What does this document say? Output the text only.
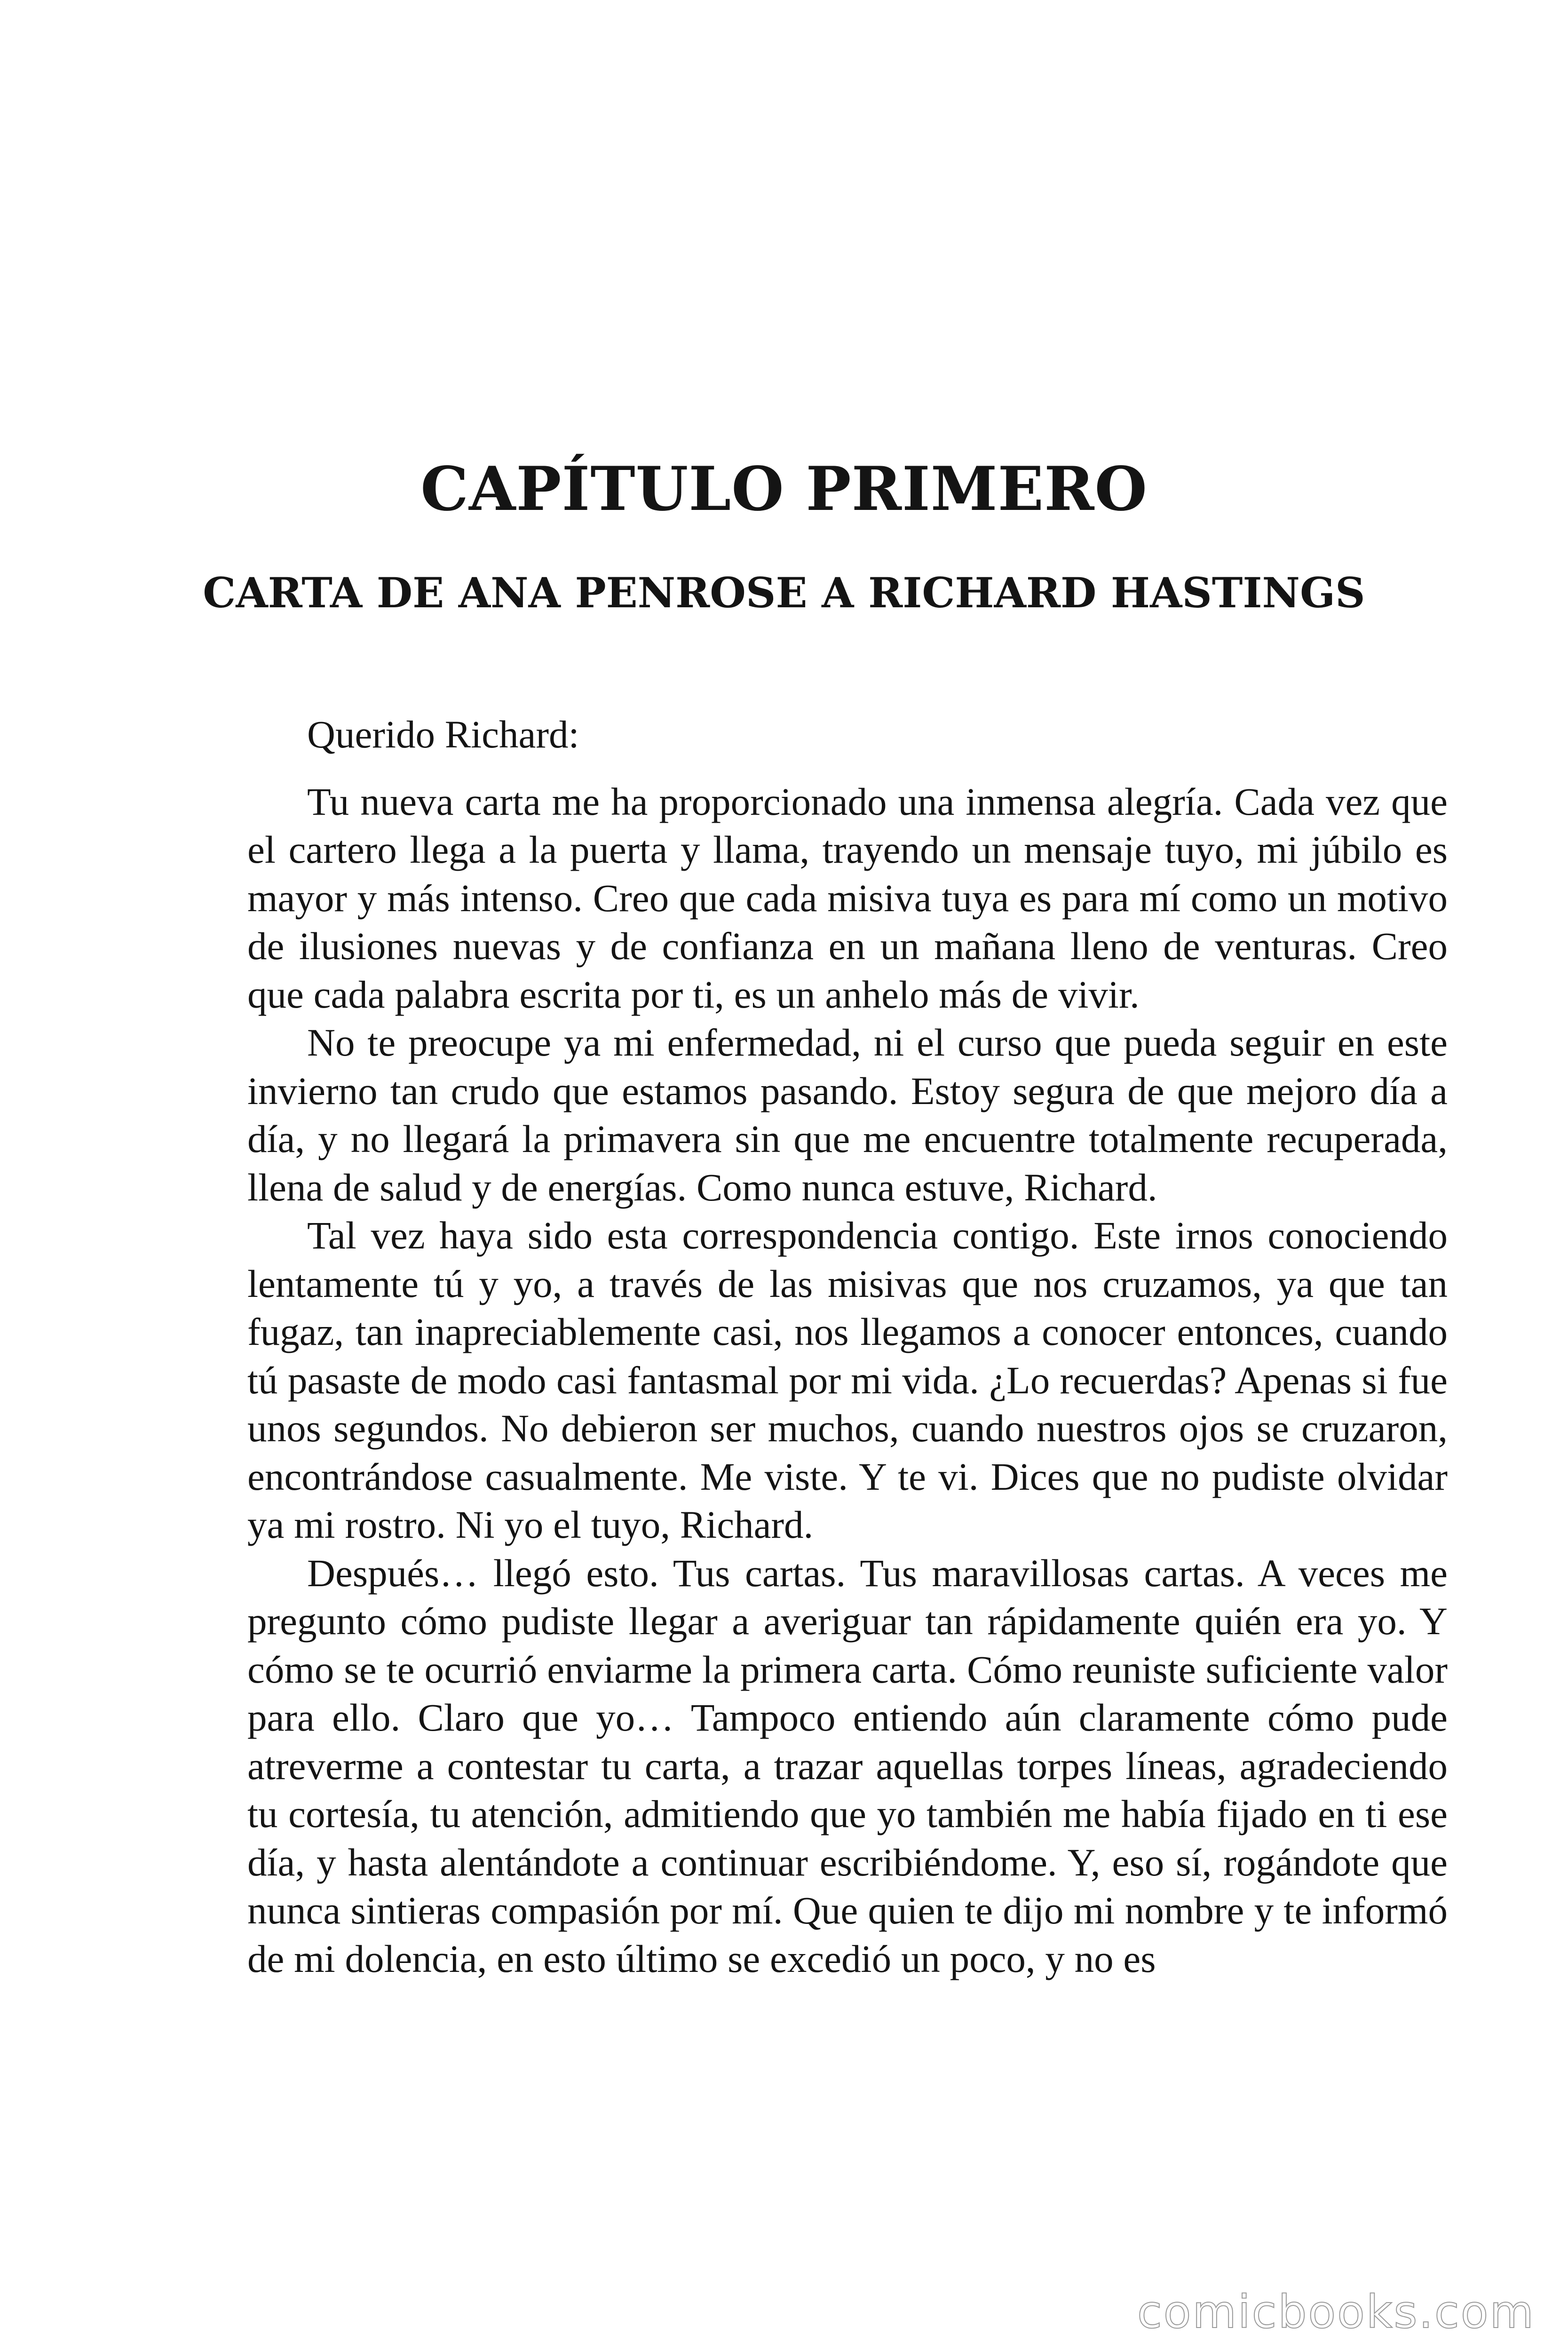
CAPÍTULO PRIMERO
CARTA DE ANA PENROSE A RICHARD HASTINGS

Querido Richard:

Tu nueva carta me ha proporcionado una inmensa alegría. Cada vez que el cartero llega a la puerta y llama, trayendo un mensaje tuyo, mi júbilo es mayor y más intenso. Creo que cada misiva tuya es para mí como un motivo de ilusiones nuevas y de confianza en un mañana lleno de venturas. Creo que cada palabra escrita por ti, es un anhelo más de vivir.

No te preocupe ya mi enfermedad, ni el curso que pueda seguir en este invierno tan crudo que estamos pasando. Estoy segura de que mejoro día a día, y no llegará la primavera sin que me encuentre totalmente recuperada, llena de salud y de energías. Como nunca estuve, Richard.

Tal vez haya sido esta correspondencia contigo. Este irnos conociendo lentamente tú y yo, a través de las misivas que nos cruzamos, ya que tan fugaz, tan inapreciablemente casi, nos llegamos a conocer entonces, cuando tú pasaste de modo casi fantasmal por mi vida. ¿Lo recuerdas? Apenas si fue unos segundos. No debieron ser muchos, cuando nuestros ojos se cruzaron, encontrándose casualmente. Me viste. Y te vi. Dices que no pudiste olvidar ya mi rostro. Ni yo el tuyo, Richard.

Después… llegó esto. Tus cartas. Tus maravillosas cartas. A veces me pregunto cómo pudiste llegar a averiguar tan rápidamente quién era yo. Y cómo se te ocurrió enviarme la primera carta. Cómo reuniste suficiente valor para ello. Claro que yo… Tampoco entiendo aún claramente cómo pude atreverme a contestar tu carta, a trazar aquellas torpes líneas, agradeciendo tu cortesía, tu atención, admitiendo que yo también me había fijado en ti ese día, y hasta alentándote a continuar escribiéndome. Y, eso sí, rogándote que nunca sintieras compasión por mí. Que quien te dijo mi nombre y te informó de mi dolencia, en esto último se excedió un poco, y no es

comicbooks.com
